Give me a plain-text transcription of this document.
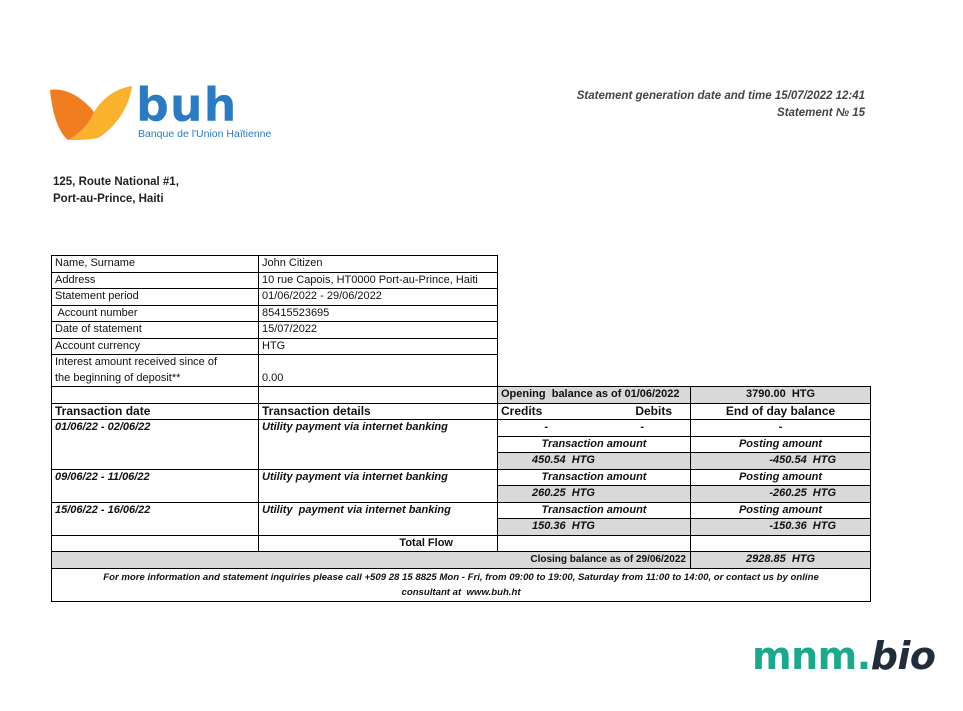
buh
Banque de l'Union Haïtienne
Statement generation date and time 15/07/2022 12:41
Statement № 15
125, Route National #1,
Port-au-Prince, Haiti
Name, Surname	John Citizen			
Address	10 rue Capois, HT0000 Port-au-Prince, Haiti			
Statement period	01/06/2022 - 29/06/2022			
Account number	85415523695			
Date of statement	15/07/2022			
Account currency	HTG			
Interest amount received since of				
the beginning of deposit**	0.00			
		Opening  balance as of 01/06/2022		3790.00  HTG
Transaction date	Transaction details	Credits	Debits	End of day balance
01/06/22 - 02/06/22	Utility payment via internet banking	-	-	-
		Transaction amount		Posting amount
		450.54  HTG		-450.54  HTG
09/06/22 - 11/06/22	Utility payment via internet banking	Transaction amount		Posting amount
		260.25  HTG		-260.25  HTG
15/06/22 - 16/06/22	Utility  payment via internet banking	Transaction amount		Posting amount
		150.36  HTG		-150.36  HTG
	Total Flow			
Closing balance as of 29/06/2022				2928.85  HTG

For more information and statement inquiries please call +509 28 15 8825 Mon - Fri, from 09:00 to 19:00, Saturday from 11:00 to 14:00, or contact us by online
consultant at  www.buh.ht				
mnm.bio
